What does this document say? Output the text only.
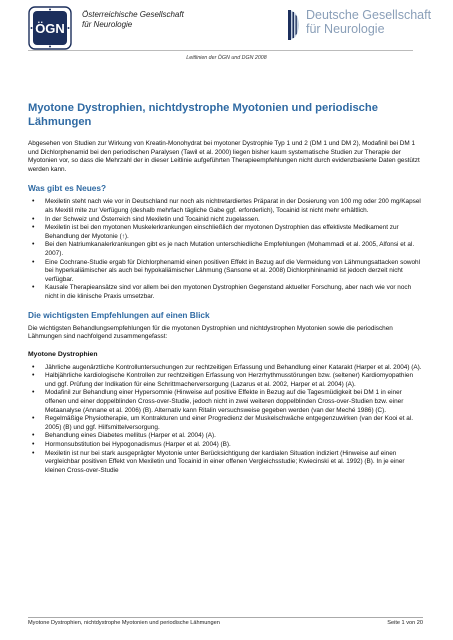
ÖGN
Österreichische Gesellschaft
für Neurologie
Deutsche Gesellschaft
für Neurologie
Leitlinien der ÖGN und DGN 2008
Myotone Dystrophien, nichtdystrophe Myotonien und periodische Lähmungen
Abgesehen von Studien zur Wirkung von Kreatin-Monohydrat bei myotoner Dystrophie Typ 1 und 2 (DM 1 und DM 2), Modafinil bei DM 1 und Dichlorphenamid bei den periodischen Paralysen (Tawil et al. 2000) liegen bisher kaum systematische Studien zur Therapie der Myotonien vor, so dass die Mehrzahl der in dieser Leitlinie aufgeführten Therapieempfehlungen nicht durch evidenzbasierte Daten gestützt werden kann.
Was gibt es Neues?
• Mexiletin steht nach wie vor in Deutschland nur noch als nichtretardiertes Präparat in der Dosierung von 100 mg oder 200 mg/Kapsel als Mexitil mite zur Verfügung (deshalb mehrfach tägliche Gabe ggf. erforderlich), Tocainid ist nicht mehr erhältlich.
• In der Schweiz und Österreich sind Mexiletin und Tocainid nicht zugelassen.
• Mexiletin ist bei den myotonen Muskelerkrankungen einschließlich der myotonen Dystrophien das effektivste Medikament zur Behandlung der Myotonie (↑).
• Bei den Natriumkanalerkrankungen gibt es je nach Mutation unterschiedliche Empfehlungen (Mohammadi et al. 2005, Alfonsi et al. 2007).
• Eine Cochrane-Studie ergab für Dichlorphenamid einen positiven Effekt in Bezug auf die Vermeidung von Lähmungsattacken sowohl bei hyperkaliämischer als auch bei hypokaliämischer Lähmung (Sansone et al. 2008) Dichlorphininamid ist jedoch derzeit nicht verfügbar.
• Kausale Therapieansätze sind vor allem bei den myotonen Dystrophien Gegenstand aktueller Forschung, aber nach wie vor noch nicht in die klinische Praxis umsetzbar.
Die wichtigsten Empfehlungen auf einen Blick
Die wichtigsten Behandlungsempfehlungen für die myotonen Dystrophien und nichtdystrophen Myotonien sowie die periodischen Lähmungen sind nachfolgend zusammengefasst:
Myotone Dystrophien
• Jährliche augenärztliche Kontrolluntersuchungen zur rechtzeitigen Erfassung und Behandlung einer Katarakt (Harper et al. 2004) (A).
• Halbjährliche kardiologische Kontrollen zur rechtzeitigen Erfassung von Herzrhythmusstörungen bzw. (seltener) Kardiomyopathien und ggf. Prüfung der Indikation für eine Schrittmacherversorgung (Lazarus et al. 2002, Harper et al. 2004) (A).
• Modafinil zur Behandlung einer Hypersomnie (Hinweise auf positive Effekte in Bezug auf die Tagesmüdigkeit bei DM 1 in einer offenen und einer doppelblinden Cross-over-Studie, jedoch nicht in zwei weiteren doppelblinden Cross-over-Studien bzw. einer Metaanalyse (Annane et al. 2006) (B). Alternativ kann Ritalin versuchsweise gegeben werden (van der Meché 1986) (C).
• Regelmäßige Physiotherapie, um Kontrakturen und einer Progredienz der Muskelschwäche entgegenzuwirken (van der Kooi et al. 2005) (B) und ggf. Hilfsmittelversorgung.
• Behandlung eines Diabetes mellitus (Harper et al. 2004) (A).
• Hormonsubstitution bei Hypogonadismus (Harper et al. 2004) (B).
• Mexiletin ist nur bei stark ausgeprägter Myotonie unter Berücksichtigung der kardialen Situation indiziert (Hinweise auf einen vergleichbar positiven Effekt von Mexiletin und Tocainid in einer offenen Vergleichsstudie; Kwiecinski et al. 1992) (B). In je einer kleinen Cross-over-Studie
Myotone Dystrophien, nichtdystrophe Myotonien und periodische Lähmungen	Seite 1 von 20
